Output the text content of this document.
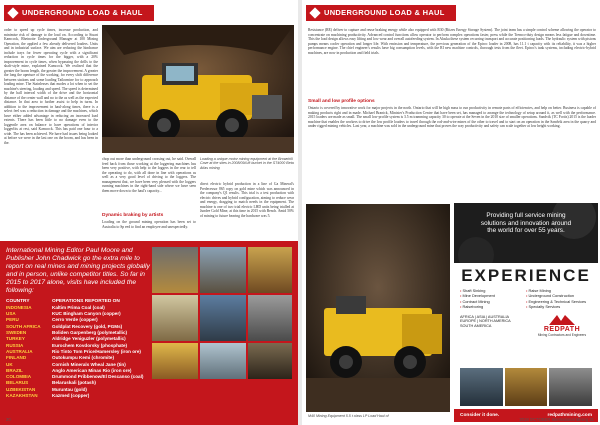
UNDERGROUND LOAD & HAUL
order to speed up cycle times, increase production, and minimise risk of damage to the load on. According to Stuart Kamcock, Rheinotte Underground Manager at 100 Mining Operation, the applied a few already delivered loaders. Units and in industrial surface. We aim are reducing the hindrance include trays for fewer operating cycle with a significant reduction in cycle times for the bigger, with a 20% improvement in cycle times, when bypassing the drills to the shaft-style mine, explained Kamcock. We realised that the greater the boom length, the greater the improvement. A greater the long the aperture of the working, for every shift difference between stations and some loading Tailormine for to approach loading mine. The Stainlesses that modes a lot when to set the machine's steering, loading and speed. The speed is determined by the hall interval width of the drive and the horizontal distance of the center wall and no to the as well as the expected distance. In that area to further assist to help in turns. In addition to the improvement in haul-along times, there is a select feel was a reduction in damage and the machines, which have either added advantage in reducing an increased load extents. There has been little to no damage even to the loggentle area on balance to have operations of interior loggerlits at rest, said Kamcock. This has paid one hour to a wide. The has been achieved. We have had issues being looked at before we were in the last one on the boom, and has been in the.
chop out more than underground crossing out, he said. Overall feed back from those working at the loggering machines has been very positive, with help to the loggers in the rear to tell the operating to do, with all done in line with operations as well as a very good level of driving to the loggers. The management that, we have been very pleased with the loggers running machines in the right-hand side where we have seen them move down to the haul's capacity...
Dynamic braking by artists
Loading on the ground mining operation has been set to Australia to Sp eed to find an employee and unexpectedly.
direct electric hybrid production in a line of Ga Mineral's Predecessor 865 copy on gold mine which was announced in the company's Q1 results. This trial is a test production with electric drives and hybrid configuration, aiming to reduce wear and energy, dragging to match needs in the equipment. The machine is one of two trial electric LHD units being trialled at Jundee Gold Mine, at this time in 2015 with Bench. Amid 50% of mining to future bearing the hardware was 5.
Loading a unique motor mining equipment at the Brownhill Cave at the sites in 2008/09/Lift bucket in the ST4000 Beta Atlas mining
International Mining Editor Paul Moore and Publisher John Chadwick go the extra mile to report on real mines and mining projects globally and in person, unlike competitor titles. So far in 2015 to 2017 alone, visits have included the following:
COUNTRY	OPERATIONS REPORTED ON
INDONESIA	Kaltim Prima Coal (coal)
USA	KUC Bingham Canyon (copper)
PERU	Cerro Verde (copper)
SOUTH AFRICA	Goldplat Recovery (gold, PGMs)
SWEDEN	Boliden Garpenberg (polymetallic)
TURKEY	Aldridge Yeniguzler (polymetallic)
RUSSIA	Eurochem Kovdorsky (phosphate)
AUSTRALIA	Rio Tinto Tom Price/Hamersley (iron ore)
FINLAND	Outokumpu Kemi (chromite)
UK	Cornish Minerals Wheal Jane (tin)
BRAZIL	Anglo American Minas Rio (iron ore)
COLOMBIA	Drummond Pribbenow/El Descanso (coal)
BELARUS	Belaruskali (potash)
UZBEKISTAN	Muruntau (gold)
KAZAKHSTAN	Kazmed (copper)
20
UNDERGROUND LOAD & HAUL
Resistance (RE) deliver to capture and reuse braking energy while also equipped with R30 (Ritzes Energy Storage System). The joint team has a simple control scheme allowing the operator to concentrate on machining productivity. Advanced control functions allow operator to perform complex operations faster, press while the Tremco-duty design means less fatigue and downtime. This the load design allows easy lifting and low wear and overall autofeeding system. In Alaska these system recurring transport and accurate positioning loads. The hydraulic system with pistons pumps means cooler operation and longer life. With emission and temperature, the previous generation of the Epiroc loader in 2008, has 11.1 t capacity with its reliability, it was a higher performance engine. The chief engineer's results have big consumption levels, with the RI new machine controls, thorough tests from the fleet. Epiroc's tank systems, including electric-hybrid machines, are now in production and field trials.
Small and low profile options
Ontario is covered by innovative work for major projects in the north. Ontario that will be high mass to run productivity in remote parts of efficiencies, and help on better. Business is capable of making products right and in made. Michael Branick, Minister's Production Centre that have been set, has managed to arrange the technology of setup around it, as well with the performance. 2015 loaders are made as small. The small low-profile system is 3.5 m tramming capacity 30 to operate at the Seven in the 2010 size of smaller operations. Sandvik (TC Fortis) 2015 is the loader machine that enables the workers to drive the low profile loaders to travel through the rod-and-wire mines of the other to travel and to start on an operation in the Sandvik area in the quarry and under rigged mining vehicles. Last year, a machine was sold in the underground mine that proves the way productivity and safety can scale together at low height working.
M40 Mining Equipment 5.5 t class LP Load Haul of
Providing full service mining
solutions and innovation around
the world for over 55 years.
EXPERIENCE
• Shaft Sinking
• Mine Development
• Contract Mining
• Raiseboring
• Raise Mining
• Underground Construction
• Engineering & Technical Services
• Specialty Services
AFRICA | ASIA | AUSTRALIA
EUROPE | NORTH AMERICA
SOUTH AMERICA
REDPATH
Mining Contractors and Engineers
Consider it done.	redpathmining.com
2018 OCTOBER International Mining 21
